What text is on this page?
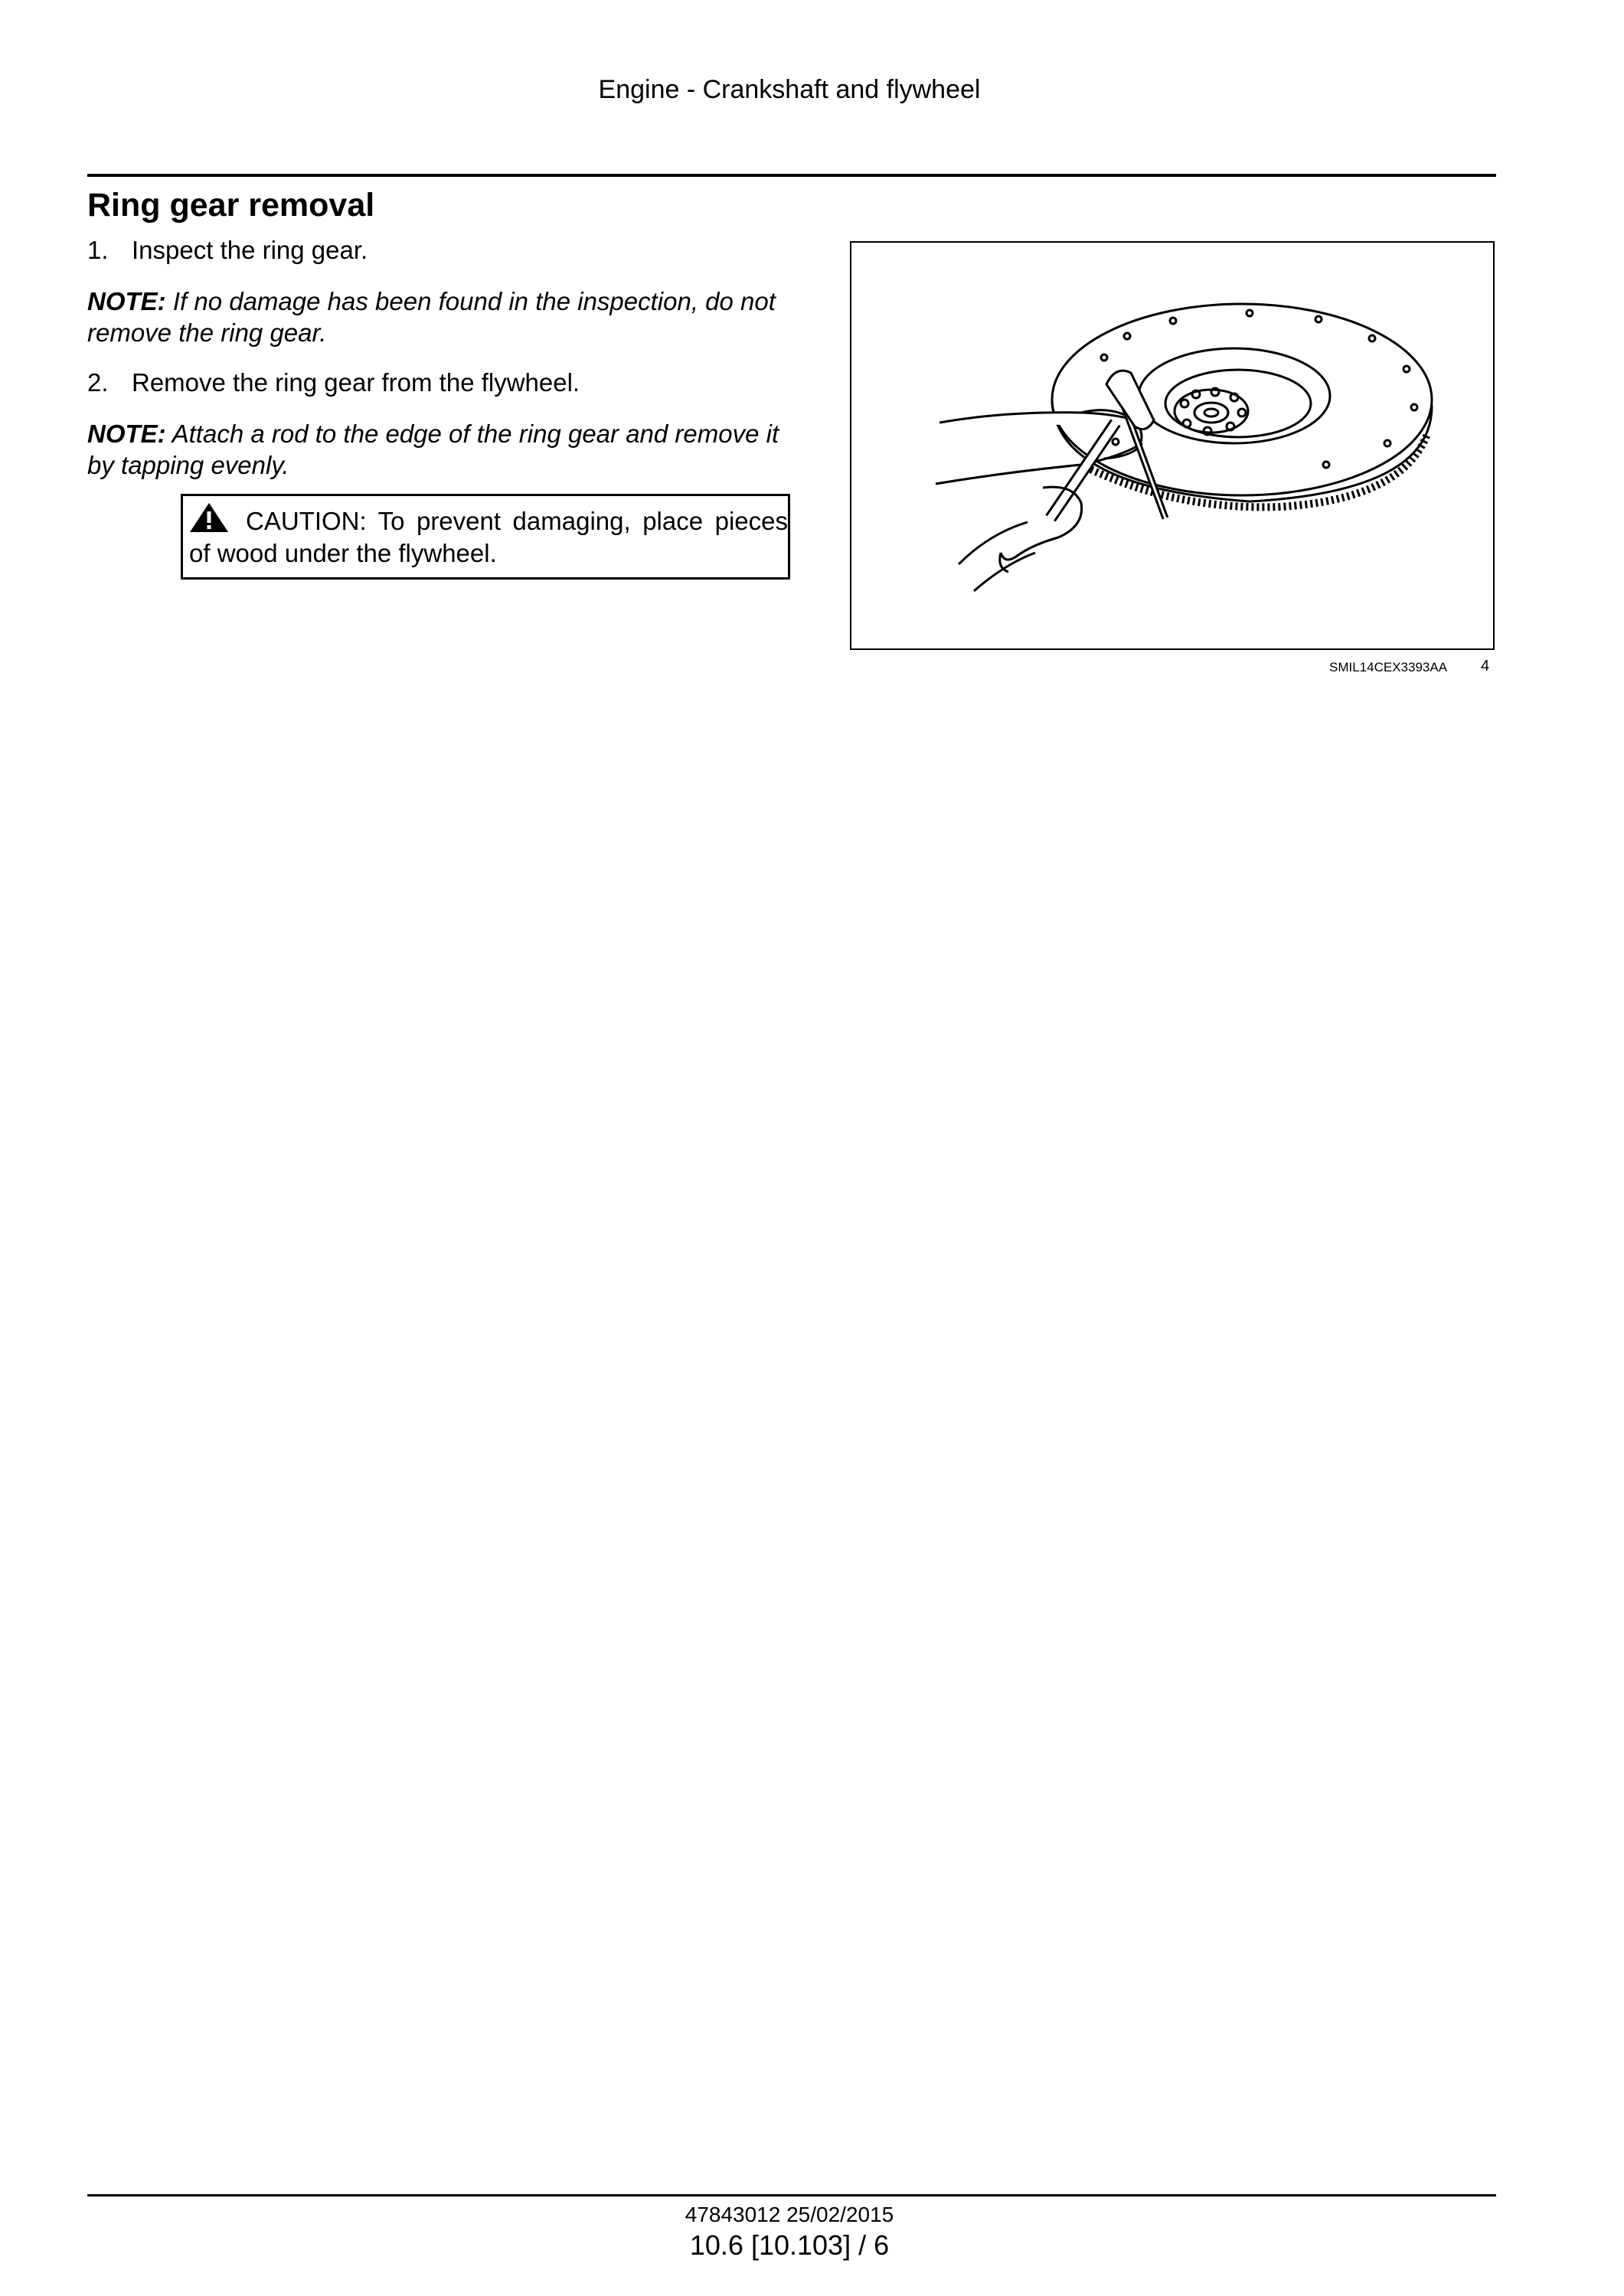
Engine - Crankshaft and flywheel
Ring gear removal
1. Inspect the ring gear.
NOTE: If no damage has been found in the inspection, do not remove the ring gear.
2. Remove the ring gear from the flywheel.
NOTE: Attach a rod to the edge of the ring gear and remove it by tapping evenly.
CAUTION: To prevent damaging, place pieces of wood under the flywheel.
SMIL14CEX3393AA 4
47843012 25/02/2015
10.6 [10.103] / 6
